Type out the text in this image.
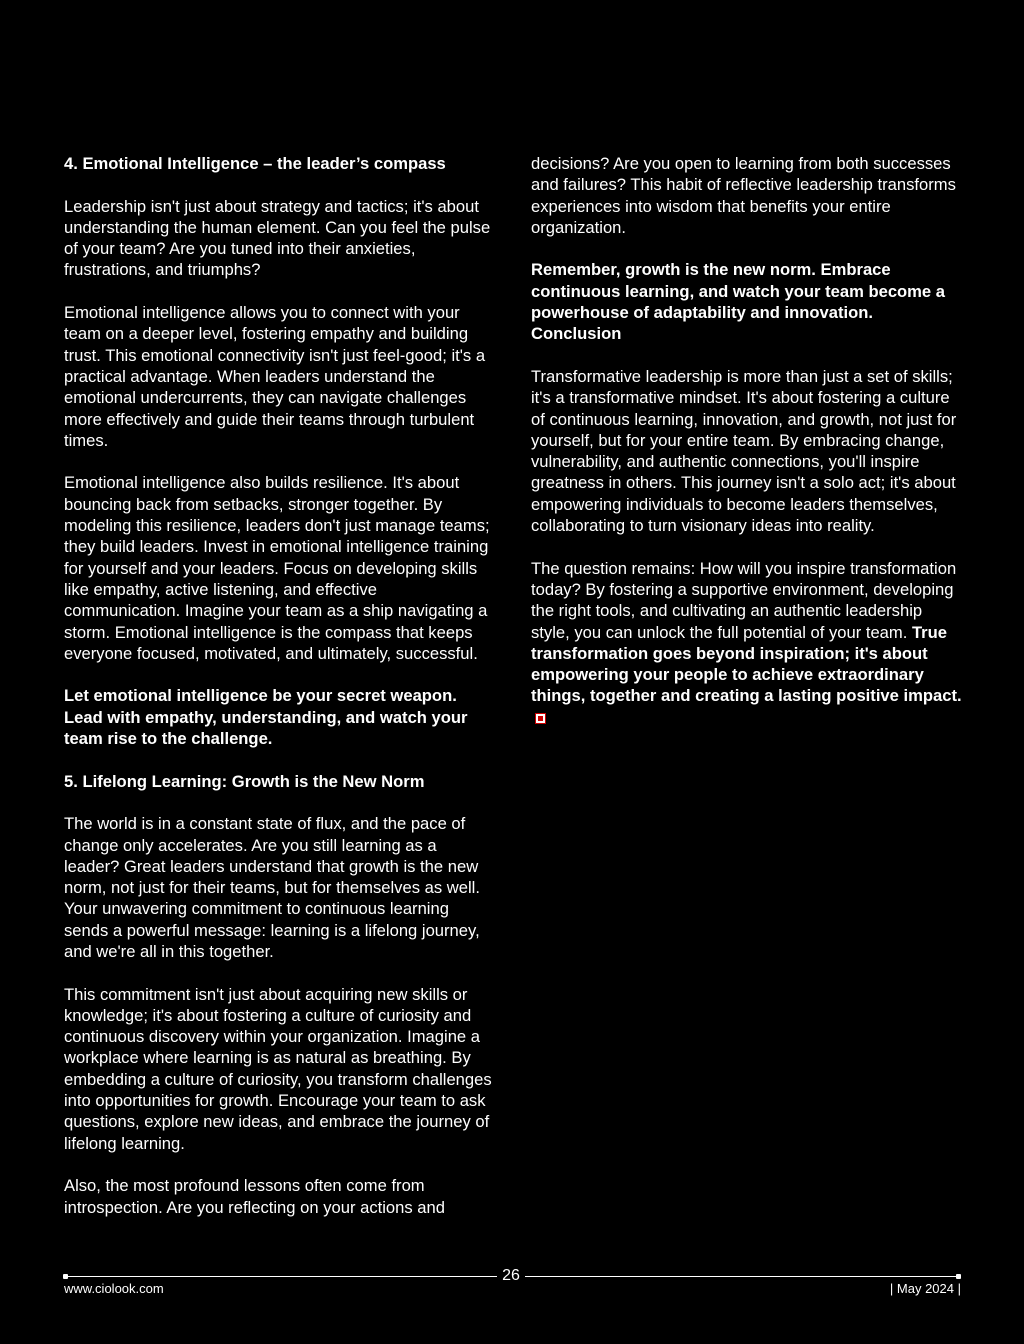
4. Emotional Intelligence – the leader’s compass

Leadership isn't just about strategy and tactics; it's about understanding the human element. Can you feel the pulse of your team? Are you tuned into their anxieties, frustrations, and triumphs?

Emotional intelligence allows you to connect with your team on a deeper level, fostering empathy and building trust. This emotional connectivity isn't just feel-good; it's a practical advantage. When leaders understand the emotional undercurrents, they can navigate challenges more effectively and guide their teams through turbulent times.

Emotional intelligence also builds resilience. It's about bouncing back from setbacks, stronger together. By modeling this resilience, leaders don't just manage teams; they build leaders. Invest in emotional intelligence training for yourself and your leaders. Focus on developing skills like empathy, active listening, and effective communication. Imagine your team as a ship navigating a storm. Emotional intelligence is the compass that keeps everyone focused, motivated, and ultimately, successful.

Let emotional intelligence be your secret weapon. Lead with empathy, understanding, and watch your team rise to the challenge.

5. Lifelong Learning: Growth is the New Norm

The world is in a constant state of flux, and the pace of change only accelerates. Are you still learning as a leader? Great leaders understand that growth is the new norm, not just for their teams, but for themselves as well. Your unwavering commitment to continuous learning sends a powerful message: learning is a lifelong journey, and we're all in this together.

This commitment isn't just about acquiring new skills or knowledge; it's about fostering a culture of curiosity and continuous discovery within your organization. Imagine a workplace where learning is as natural as breathing. By embedding a culture of curiosity, you transform challenges into opportunities for growth. Encourage your team to ask questions, explore new ideas, and embrace the journey of lifelong learning.

Also, the most profound lessons often come from introspection. Are you reflecting on your actions and

decisions? Are you open to learning from both successes and failures? This habit of reflective leadership transforms experiences into wisdom that benefits your entire organization.

Remember, growth is the new norm. Embrace continuous learning, and watch your team become a powerhouse of adaptability and innovation.
Conclusion

Transformative leadership is more than just a set of skills; it's a transformative mindset. It's about fostering a culture of continuous learning, innovation, and growth, not just for yourself, but for your entire team. By embracing change, vulnerability, and authentic connections, you'll inspire greatness in others. This journey isn't a solo act; it's about empowering individuals to become leaders themselves, collaborating to turn visionary ideas into reality.

The question remains: How will you inspire transformation today? By fostering a supportive environment, developing the right tools, and cultivating an authentic leadership style, you can unlock the full potential of your team. True transformation goes beyond inspiration; it's about empowering your people to achieve extraordinary things, together and creating a lasting positive impact.

26
www.ciolook.com	| May 2024 |
